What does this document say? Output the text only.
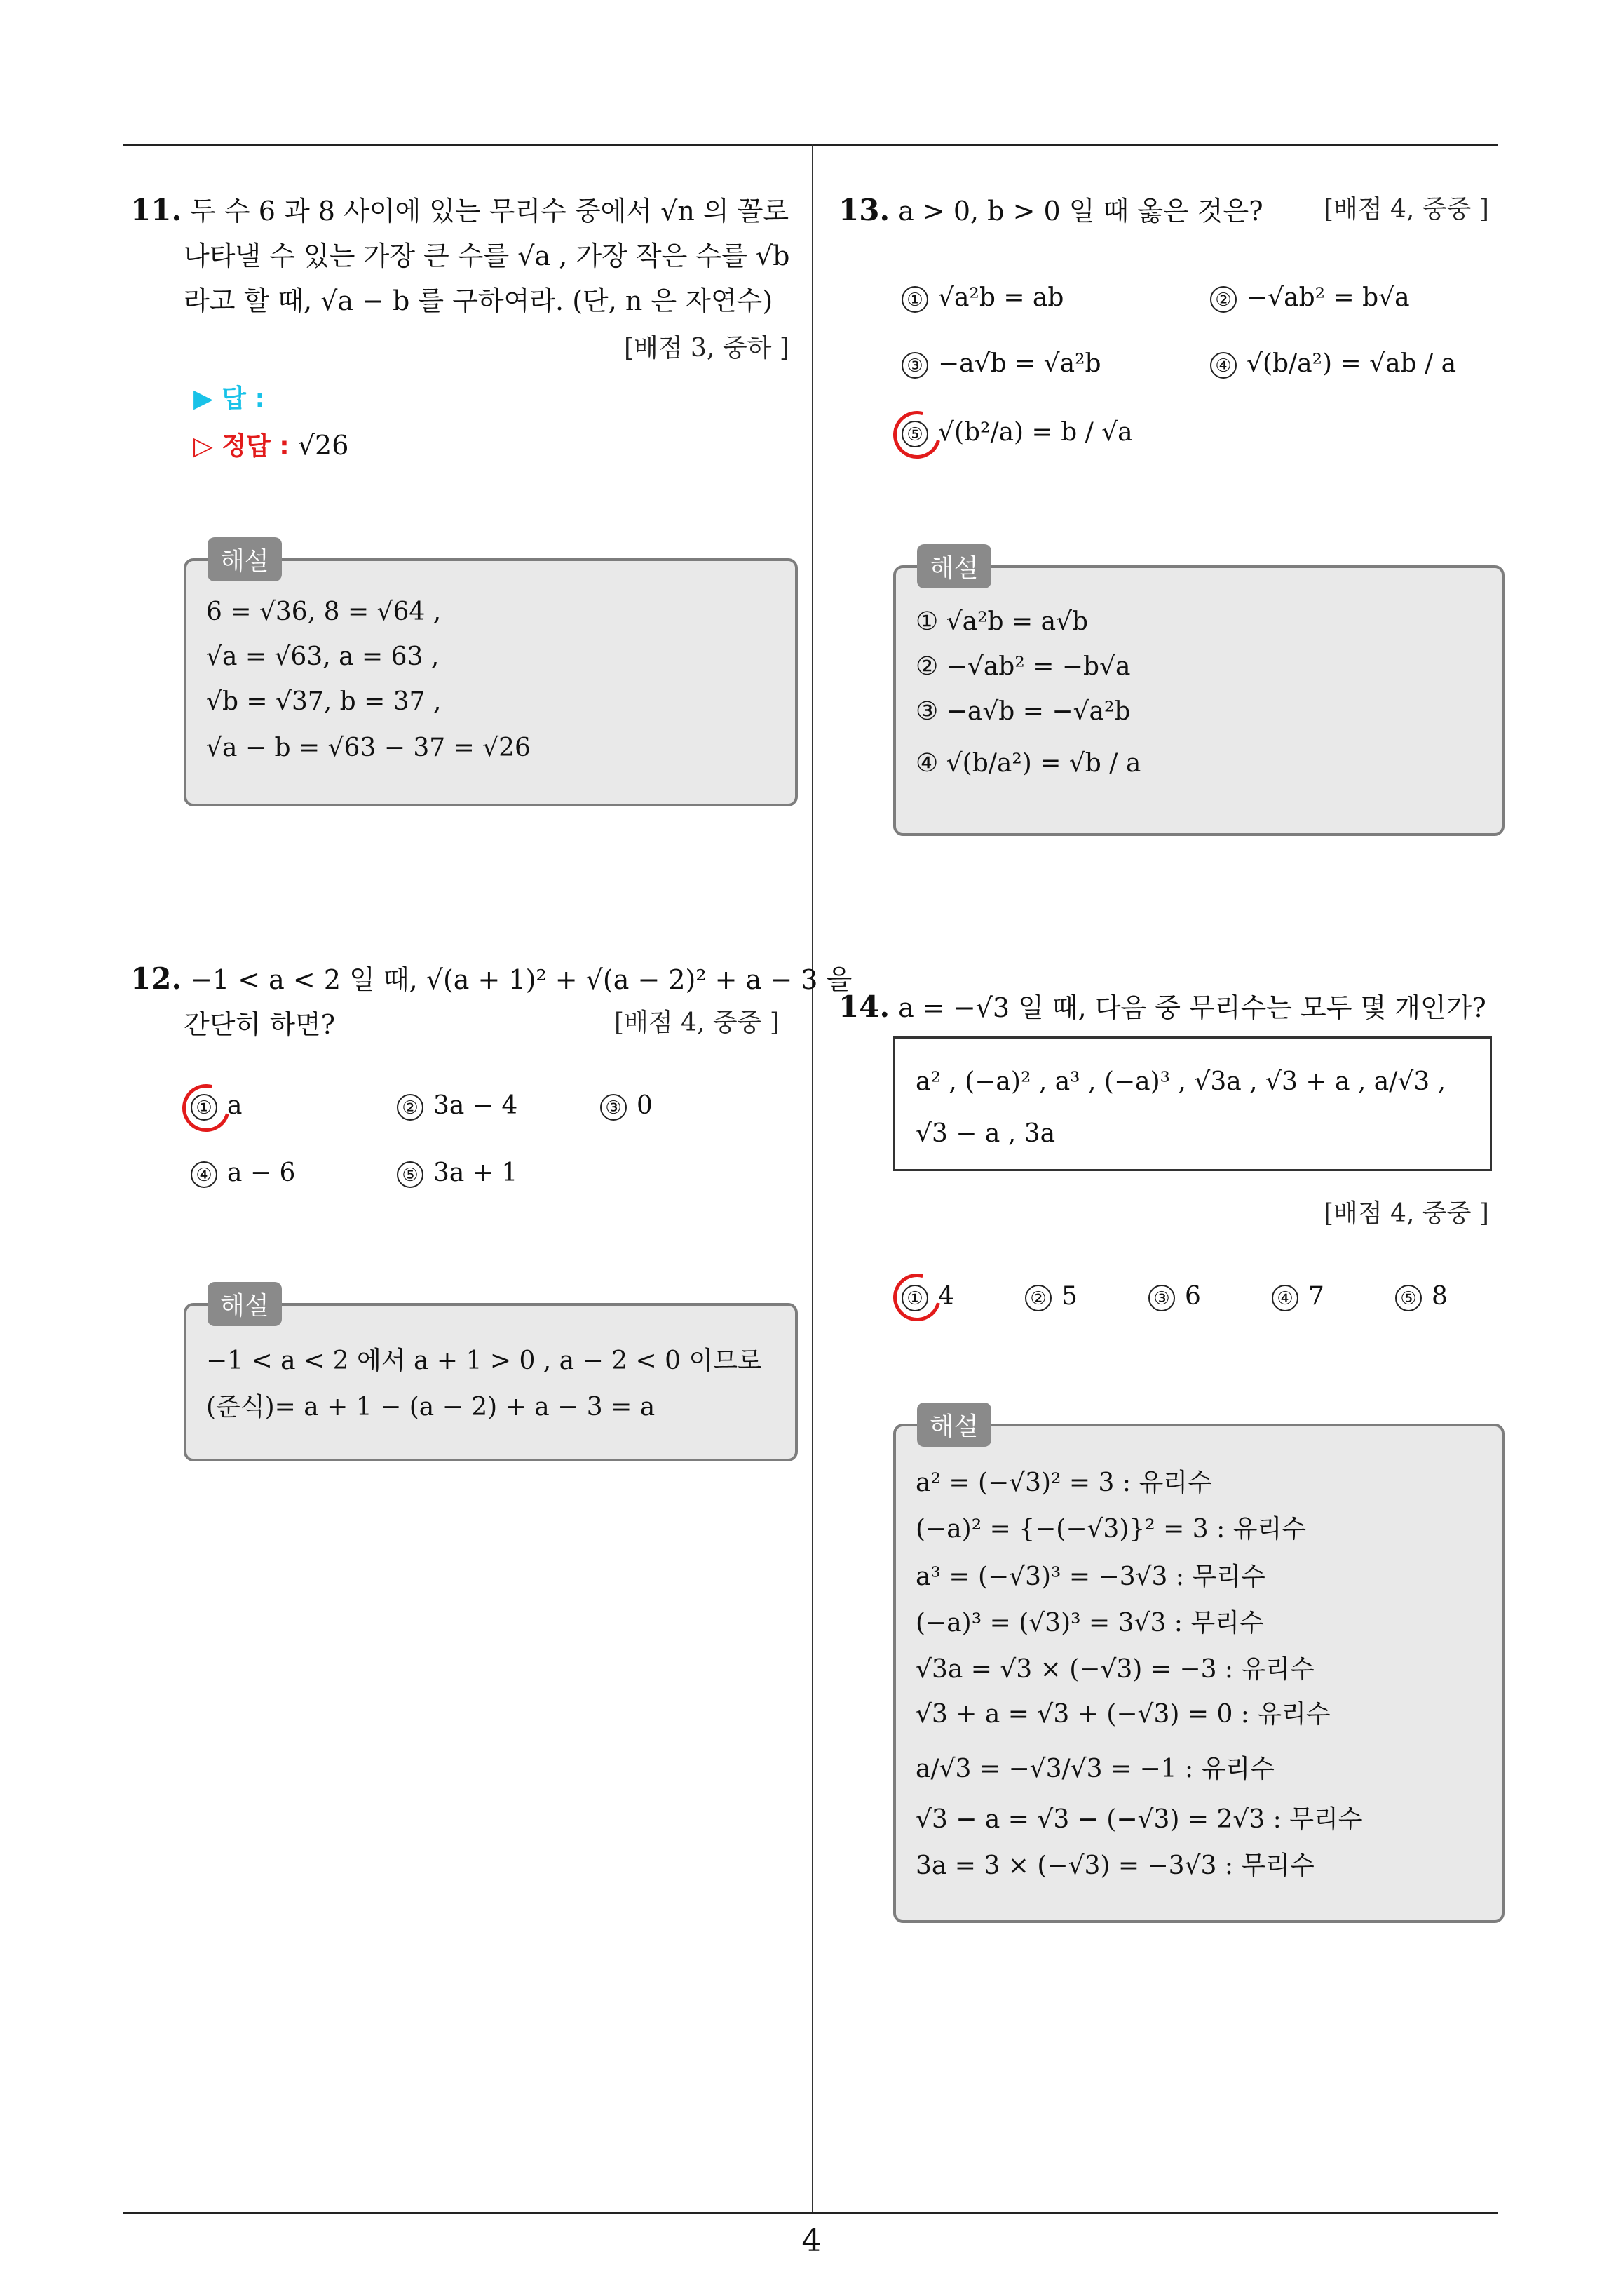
4
11. 두 수 6 과 8 사이에 있는 무리수 중에서 √n 의 꼴로
나타낼 수 있는 가장 큰 수를 √a , 가장 작은 수를 √b
라고 할 때, √a − b 를 구하여라. (단, n 은 자연수)
[배점 3, 중하 ]
▶ 답 :
▷ 정답 : √26
해설
6 = √36, 8 = √64 ,
√a = √63, a = 63 ,
√b = √37, b = 37 ,
√a − b = √63 − 37 = √26
12. −1 < a < 2 일 때, √(a + 1)² + √(a − 2)² + a − 3 을
간단히 하면?	[배점 4, 중중 ]
① a	② 3a − 4	③ 0
④ a − 6	⑤ 3a + 1
해설
−1 < a < 2 에서 a + 1 > 0 , a − 2 < 0 이므로
(준식)= a + 1 − (a − 2) + a − 3 = a
13. a > 0, b > 0 일 때 옳은 것은? [배점 4, 중중 ]
① √a²b = ab	② −√ab² = b√a
③ −a√b = √a²b	④ √(b/a²) = √ab / a
⑤ √(b²/a) = b / √a
해설
① √a²b = a√b
② −√ab² = −b√a
③ −a√b = −√a²b
④ √(b/a²) = √b / a
14. a = −√3 일 때, 다음 중 무리수는 모두 몇 개인가?
a² , (−a)² , a³ , (−a)³ , √3a , √3 + a , a/√3 ,
√3 − a , 3a
[배점 4, 중중 ]
① 4	② 5	③ 6	④ 7	⑤ 8
해설
a² = (−√3)² = 3 : 유리수
(−a)² = {−(−√3)}² = 3 : 유리수
a³ = (−√3)³ = −3√3 : 무리수
(−a)³ = (√3)³ = 3√3 : 무리수
√3a = √3 × (−√3) = −3 : 유리수
√3 + a = √3 + (−√3) = 0 : 유리수
a/√3 = −√3/√3 = −1 : 유리수
√3 − a = √3 − (−√3) = 2√3 : 무리수
3a = 3 × (−√3) = −3√3 : 무리수
